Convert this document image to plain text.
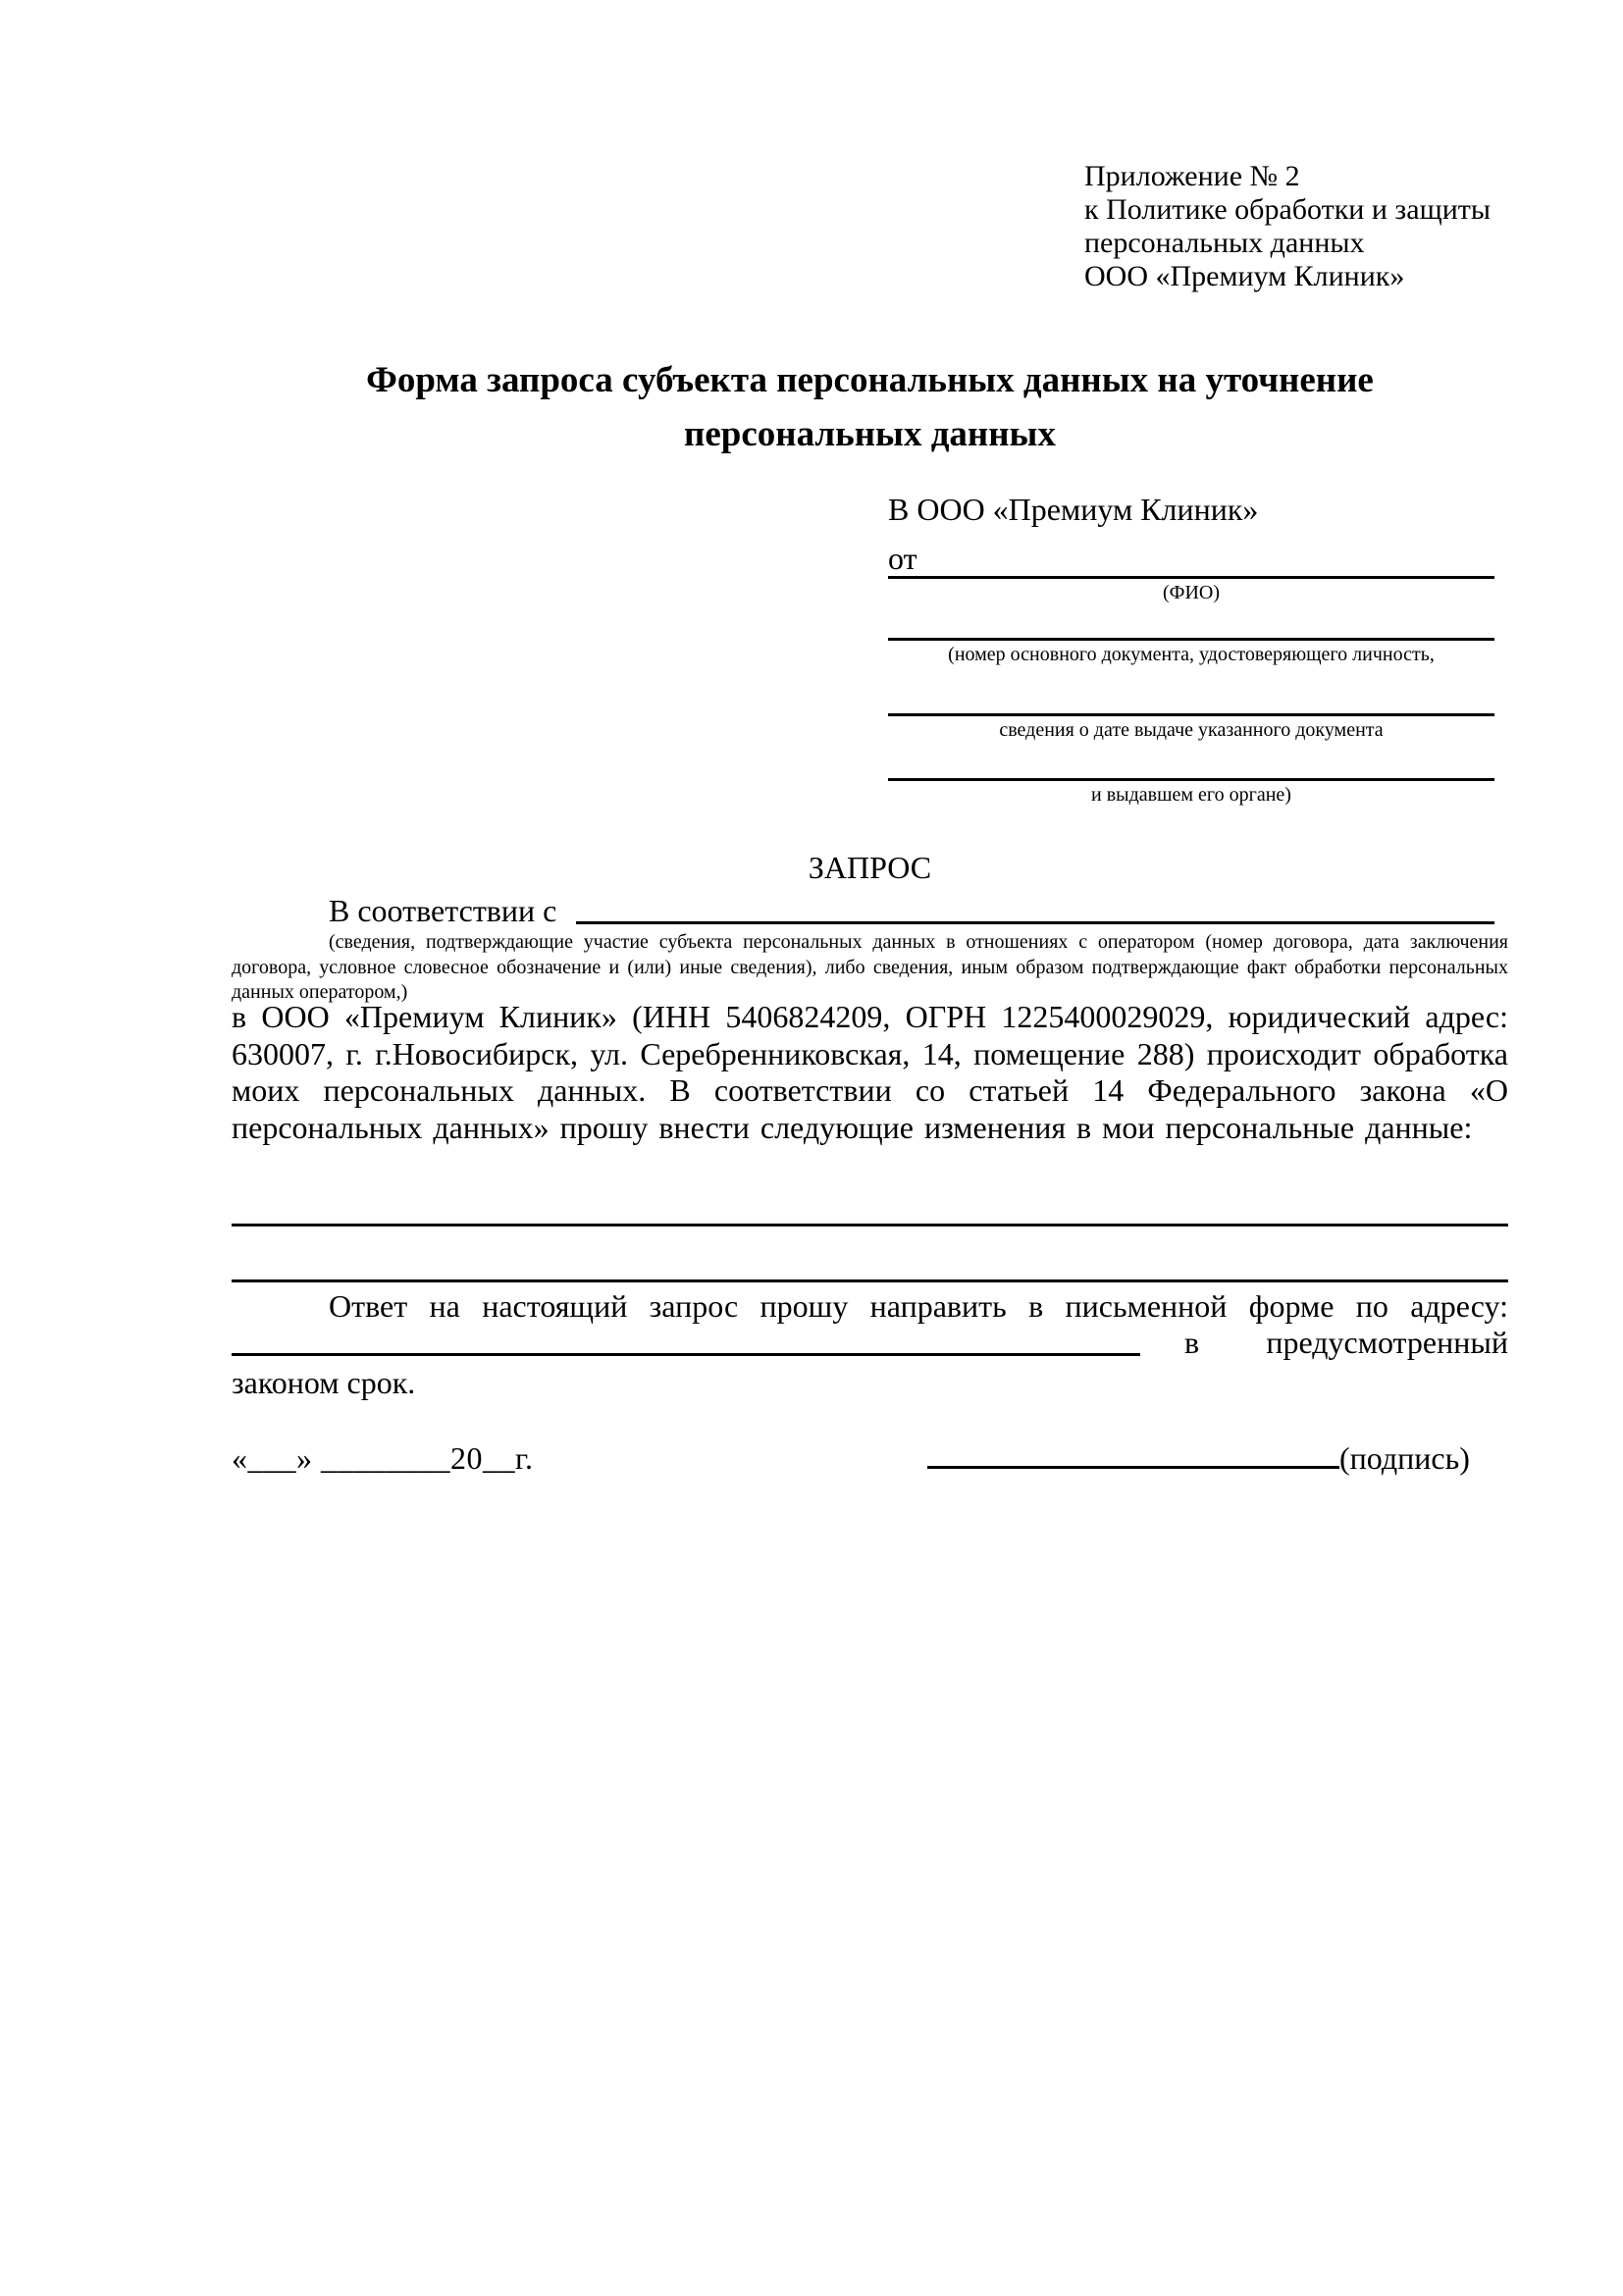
Приложение № 2
к Политике обработки и защиты
персональных данных
ООО «Премиум Клиник»
Форма запроса субъекта персональных данных на уточнение персональных данных
В ООО «Премиум Клиник»
от
(ФИО)
(номер основного документа, удостоверяющего личность,
сведения о дате выдаче указанного документа
и выдавшем его органе)
ЗАПРОС
В соответствии с
(сведения, подтверждающие участие субъекта персональных данных в отношениях с оператором (номер договора, дата заключения договора, условное словесное обозначение и (или) иные сведения), либо сведения, иным образом подтверждающие факт обработки персональных данных оператором,)
в ООО «Премиум Клиник» (ИНН 5406824209, ОГРН 1225400029029, юридический адрес: 630007, г. г.Новосибирск, ул. Серебренниковская, 14, помещение 288) происходит обработка моих персональных данных. В соответствии со статьей 14 Федерального закона «О персональных данных» прошу внести следующие изменения в мои персональные данные:
Ответ на настоящий запрос прошу направить в письменной форме по адресу:
в предусмотренный
законом срок.
«___» ________20__г.	(подпись)
